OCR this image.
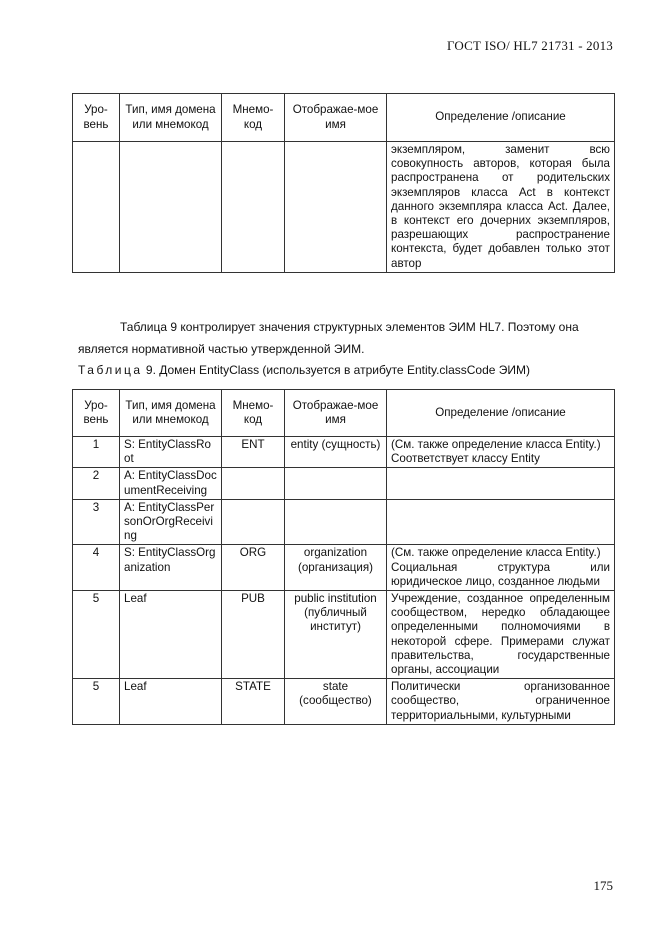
ГОСТ ISO/ HL7 21731 - 2013
Уро-вень	Тип, имя домена или мнемокод	Мнемо-код	Отображае-мое имя	Определение /описание
				экземпляром, заменит всю совокупность авторов, которая была распространена от родительских экземпляров класса Act в контекст данного экземпляра класса Act. Далее, в контекст его дочерних экземпляров, разрешающих распространение контекста, будет добавлен только этот автор
Таблица 9 контролирует значения структурных элементов ЭИМ HL7. Поэтому она является нормативной частью утвержденной ЭИМ.
Таблица 9. Домен EntityClass (используется в атрибуте Entity.classCode ЭИМ)
Уро-вень	Тип, имя домена или мнемокод	Мнемо-код	Отображае-мое имя	Определение /описание
1	S: EntityClassRoot	ENT	entity (сущность)	(См. также определение класса Entity.)
Соответствует классу Entity

2	A: EntityClassDocumentReceiving			

3	A: EntityClassPersonOrOrgReceiving			

4	S: EntityClassOrganization	ORG	organization (организация)	(См. также определение класса Entity.)
Социальная структура или юридическое лицо, созданное людьми

5	Leaf	PUB	public institution (публичный институт)	Учреждение, созданное определенным сообществом, нередко обладающее определенными полномочиями в некоторой сфере. Примерами служат правительства, государственные органы, ассоциации

5	Leaf	STATE	state (сообщество)	Политически организованное сообщество, ограниченное территориальными, культурными
175
